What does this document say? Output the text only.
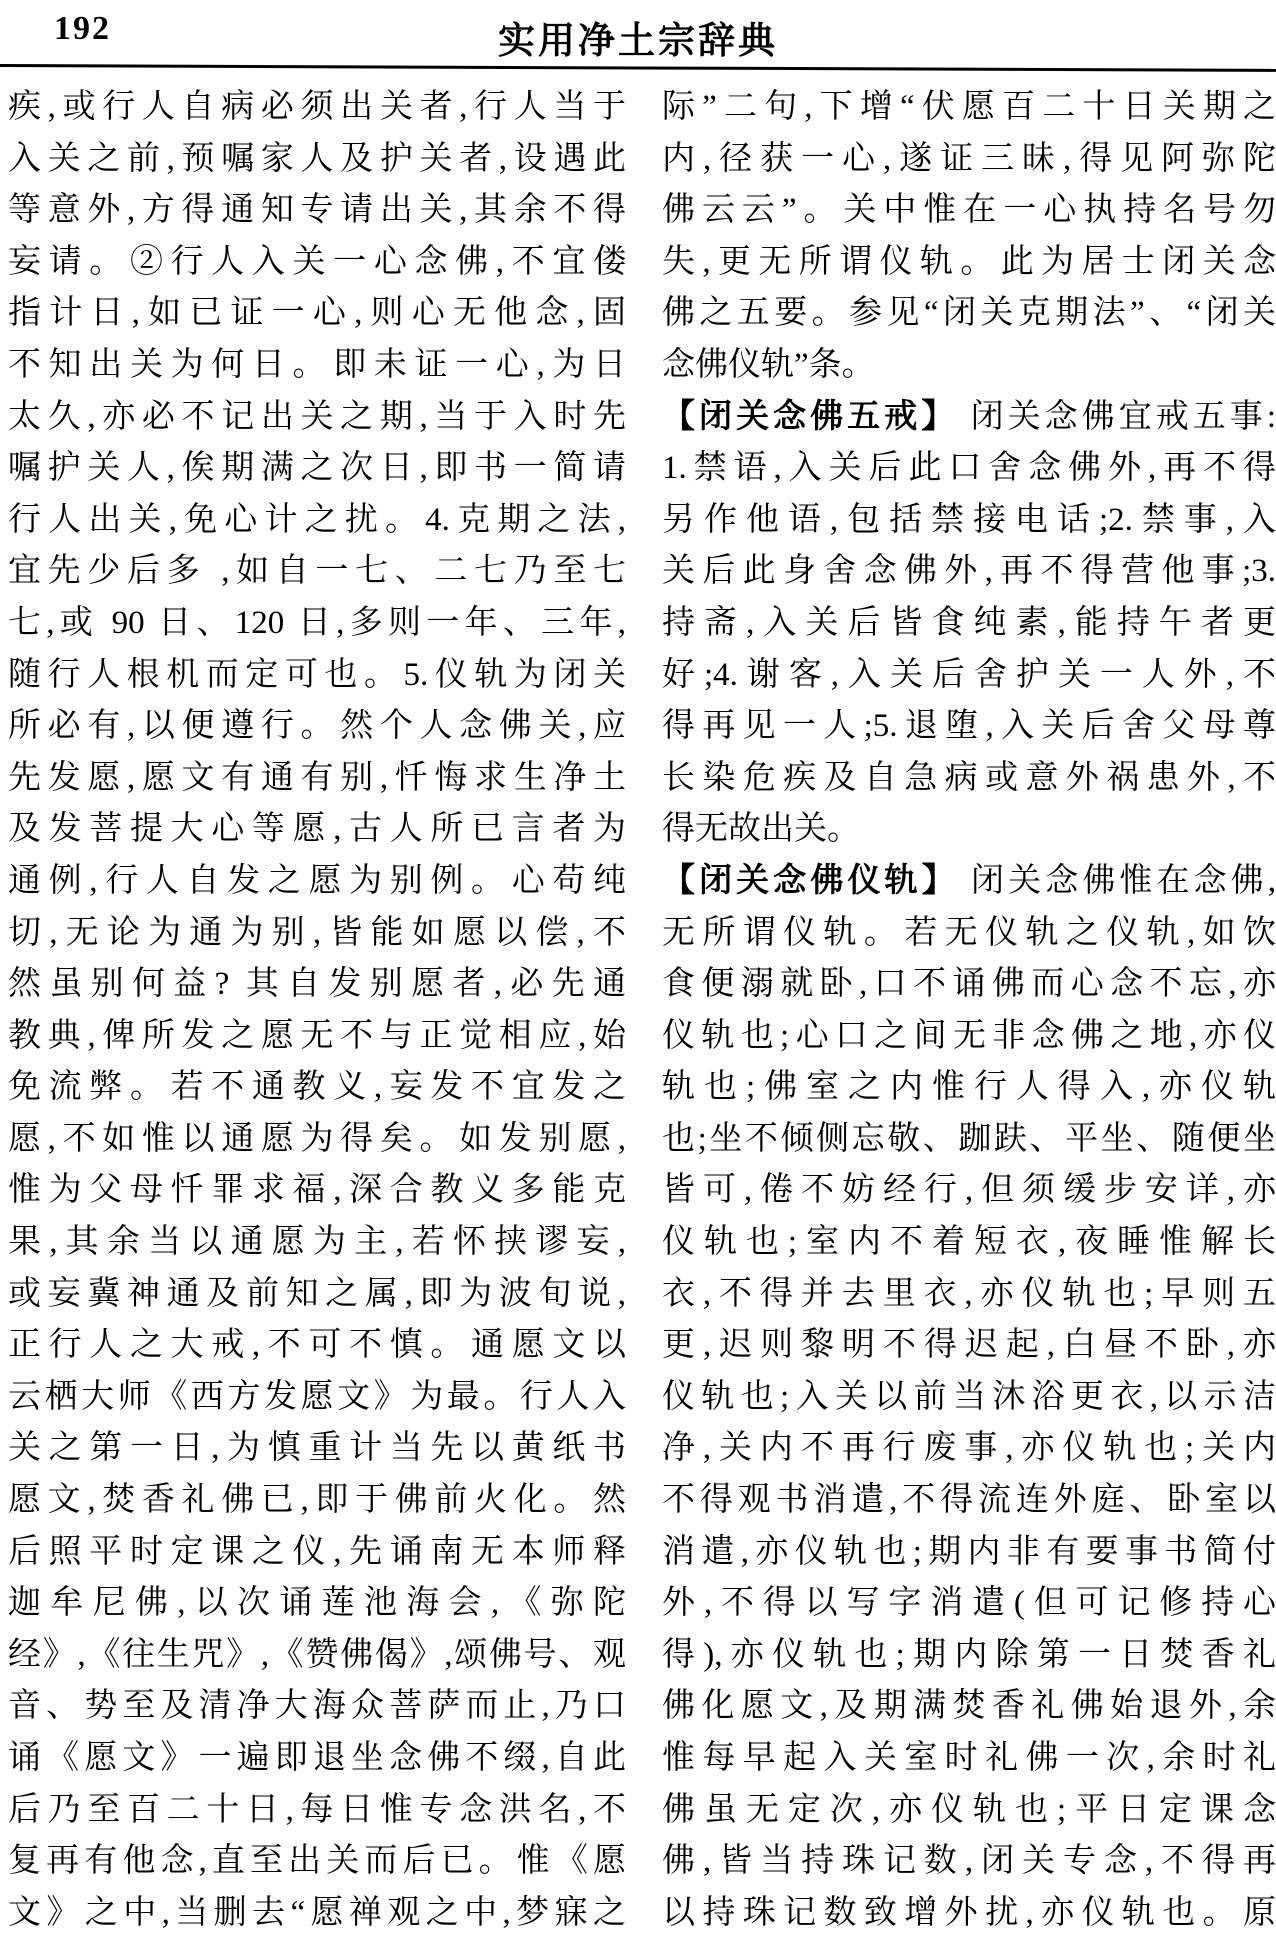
192	实用净土宗辞典
疾,或行人自病必须出关者,行人当于
入关之前,预嘱家人及护关者,设遇此
等意外,方得通知专请出关,其余不得
妄请。②行人入关一心念佛,不宜偻
指计日,如已证一心,则心无他念,固
不知出关为何日。即未证一心,为日
太久,亦必不记出关之期,当于入时先
嘱护关人,俟期满之次日,即书一简请
行人出关,免心计之扰。4.克期之法,
宜先少后多 ,如自一七、二七乃至七
七,或 90 日、120 日,多则一年、三年,
随行人根机而定可也。5.仪轨为闭关
所必有,以便遵行。然个人念佛关,应
先发愿,愿文有通有别,忏悔求生净土
及发菩提大心等愿,古人所已言者为
通例,行人自发之愿为别例。心苟纯
切,无论为通为别,皆能如愿以偿,不
然虽别何益? 其自发别愿者,必先通
教典,俾所发之愿无不与正觉相应,始
免流弊。若不通教义,妄发不宜发之
愿,不如惟以通愿为得矣。如发别愿,
惟为父母忏罪求福,深合教义多能克
果,其余当以通愿为主,若怀挟谬妄,
或妄冀神通及前知之属,即为波旬说,
正行人之大戒,不可不慎。通愿文以
云栖大师《西方发愿文》为最。行人入
关之第一日,为慎重计当先以黄纸书
愿文,焚香礼佛已,即于佛前火化。然
后照平时定课之仪,先诵南无本师释
迦牟尼佛,以次诵莲池海会,《弥陀
经》,《往生咒》,《赞佛偈》,颂佛号、观
音、势至及清净大海众菩萨而止,乃口
诵《愿文》一遍即退坐念佛不缀,自此
后乃至百二十日,每日惟专念洪名,不
复再有他念,直至出关而后已。惟《愿
文》之中,当删去“愿禅观之中,梦寐之
际”二句,下增“伏愿百二十日关期之
内,径获一心,遂证三昧,得见阿弥陀
佛云云”。关中惟在一心执持名号勿
失,更无所谓仪轨。此为居士闭关念
佛之五要。参见“闭关克期法”、“闭关
念佛仪轨”条。
【闭关念佛五戒】 闭关念佛宜戒五事:
1.禁语,入关后此口舍念佛外,再不得
另作他语,包括禁接电话;2.禁事,入
关后此身舍念佛外,再不得营他事;3.
持斋,入关后皆食纯素,能持午者更
好;4.谢客,入关后舍护关一人外,不
得再见一人;5.退堕,入关后舍父母尊
长染危疾及自急病或意外祸患外,不
得无故出关。
【闭关念佛仪轨】 闭关念佛惟在念佛,
无所谓仪轨。若无仪轨之仪轨,如饮
食便溺就卧,口不诵佛而心念不忘,亦
仪轨也;心口之间无非念佛之地,亦仪
轨也;佛室之内惟行人得入,亦仪轨
也;坐不倾侧忘敬、跏趺、平坐、随便坐
皆可,倦不妨经行,但须缓步安详,亦
仪轨也;室内不着短衣,夜睡惟解长
衣,不得并去里衣,亦仪轨也;早则五
更,迟则黎明不得迟起,白昼不卧,亦
仪轨也;入关以前当沐浴更衣,以示洁
净,关内不再行废事,亦仪轨也;关内
不得观书消遣,不得流连外庭、卧室以
消遣,亦仪轨也;期内非有要事书简付
外,不得以写字消遣(但可记修持心
得),亦仪轨也;期内除第一日焚香礼
佛化愿文,及期满焚香礼佛始退外,余
惟每早起入关室时礼佛一次,余时礼
佛虽无定次,亦仪轨也;平日定课念
佛,皆当持珠记数,闭关专念,不得再
以持珠记数致增外扰,亦仪轨也。原
